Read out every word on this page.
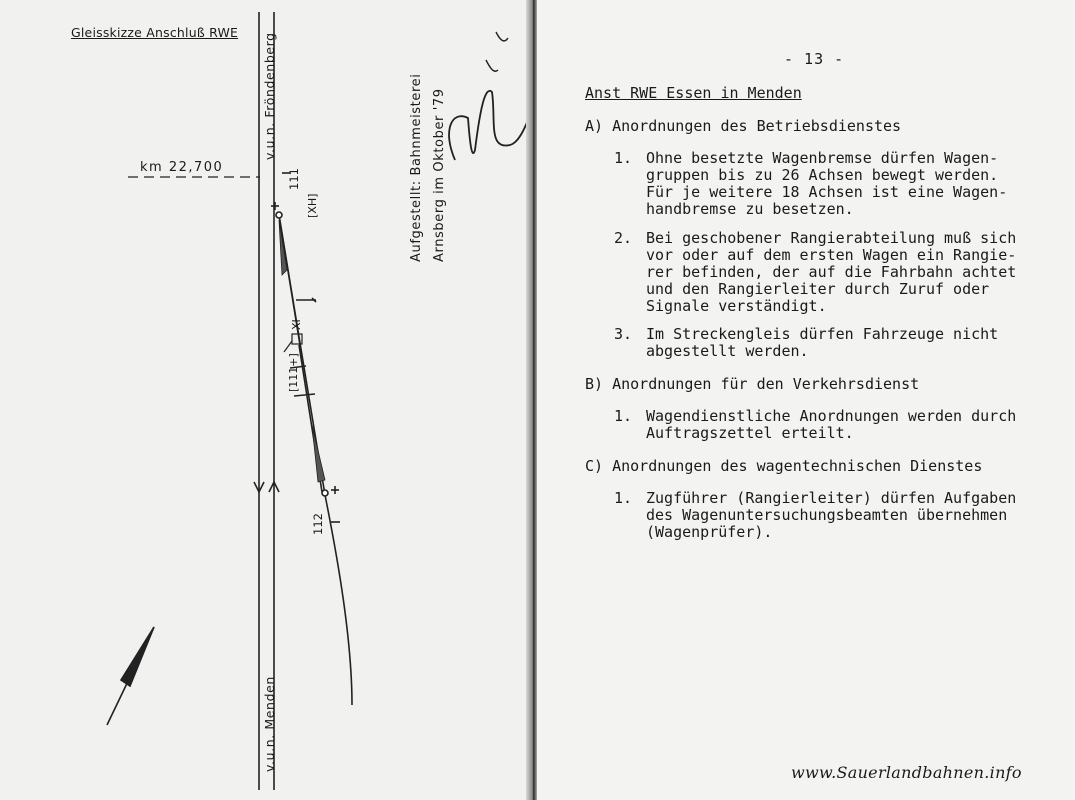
Gleisskizze Anschluß RWE
km 22,700
v.u.n. Fröndenberg
v.u.n. Menden
111
[XH]
XI
[111+]
112
Aufgestellt: Bahnmeisterei Arnsberg im Oktober '79
- 13 -
Anst RWE Essen in Menden
A) Anordnungen des Betriebsdienstes
1. Ohne besetzte Wagenbremse dürfen Wagen-
gruppen bis zu 26 Achsen bewegt werden.
Für je weitere 18 Achsen ist eine Wagen-
handbremse zu besetzen.
2. Bei geschobener Rangierabteilung muß sich
vor oder auf dem ersten Wagen ein Rangie-
rer befinden, der auf die Fahrbahn achtet
und den Rangierleiter durch Zuruf oder
Signale verständigt.
3. Im Streckengleis dürfen Fahrzeuge nicht
abgestellt werden.
B) Anordnungen für den Verkehrsdienst
1. Wagendienstliche Anordnungen werden durch
Auftragszettel erteilt.
C) Anordnungen des wagentechnischen Dienstes
1. Zugführer (Rangierleiter) dürfen Aufgaben
des Wagenuntersuchungsbeamten übernehmen
(Wagenprüfer).
www.Sauerlandbahnen.info
